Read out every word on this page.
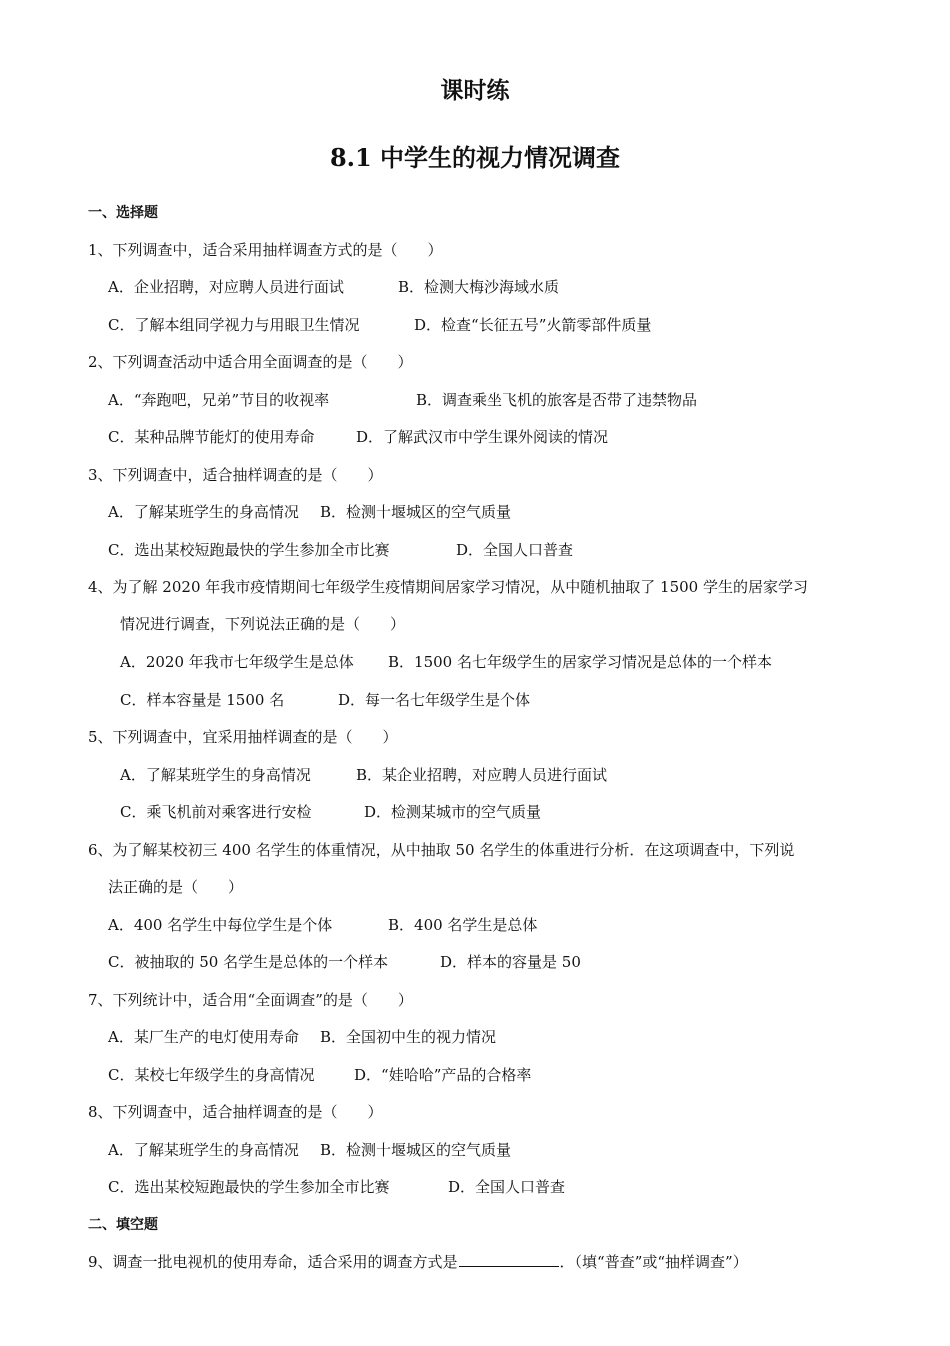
课时练
8.1 中学生的视力情况调查
一、选择题
1、下列调查中，适合采用抽样调查方式的是（　　）
A．企业招聘，对应聘人员进行面试	B．检测大梅沙海域水质
C．了解本组同学视力与用眼卫生情况	D．检查“长征五号”火箭零部件质量
2、下列调查活动中适合用全面调查的是（　　）
A．“奔跑吧，兄弟”节目的收视率	B．调查乘坐飞机的旅客是否带了违禁物品
C．某种品牌节能灯的使用寿命	D．了解武汉市中学生课外阅读的情况
3、下列调查中，适合抽样调查的是（　　）
A．了解某班学生的身高情况 B．检测十堰城区的空气质量
C．选出某校短跑最快的学生参加全市比赛	D．全国人口普查
4、为了解 2020 年我市疫情期间七年级学生疫情期间居家学习情况，从中随机抽取了 1500 学生的居家学习
情况进行调查，下列说法正确的是（　　）
A．2020 年我市七年级学生是总体 B．1500 名七年级学生的居家学习情况是总体的一个样本
C．样本容量是 1500 名	D．每一名七年级学生是个体
5、下列调查中，宜采用抽样调查的是（　　）
A．了解某班学生的身高情况	B．某企业招聘，对应聘人员进行面试
C．乘飞机前对乘客进行安检	D．检测某城市的空气质量
6、为了解某校初三 400 名学生的体重情况，从中抽取 50 名学生的体重进行分析．在这项调查中，下列说
法正确的是（　　）
A．400 名学生中每位学生是个体	B．400 名学生是总体
C．被抽取的 50 名学生是总体的一个样本	D．样本的容量是 50
7、下列统计中，适合用“全面调查”的是（　　）
A．某厂生产的电灯使用寿命 B．全国初中生的视力情况
C．某校七年级学生的身高情况	D．“娃哈哈”产品的合格率
8、下列调查中，适合抽样调查的是（　　）
A．了解某班学生的身高情况 B．检测十堰城区的空气质量
C．选出某校短跑最快的学生参加全市比赛	D．全国人口普查
二、填空题
9、调查一批电视机的使用寿命，适合采用的调查方式是	．（填“普查”或“抽样调查”）
